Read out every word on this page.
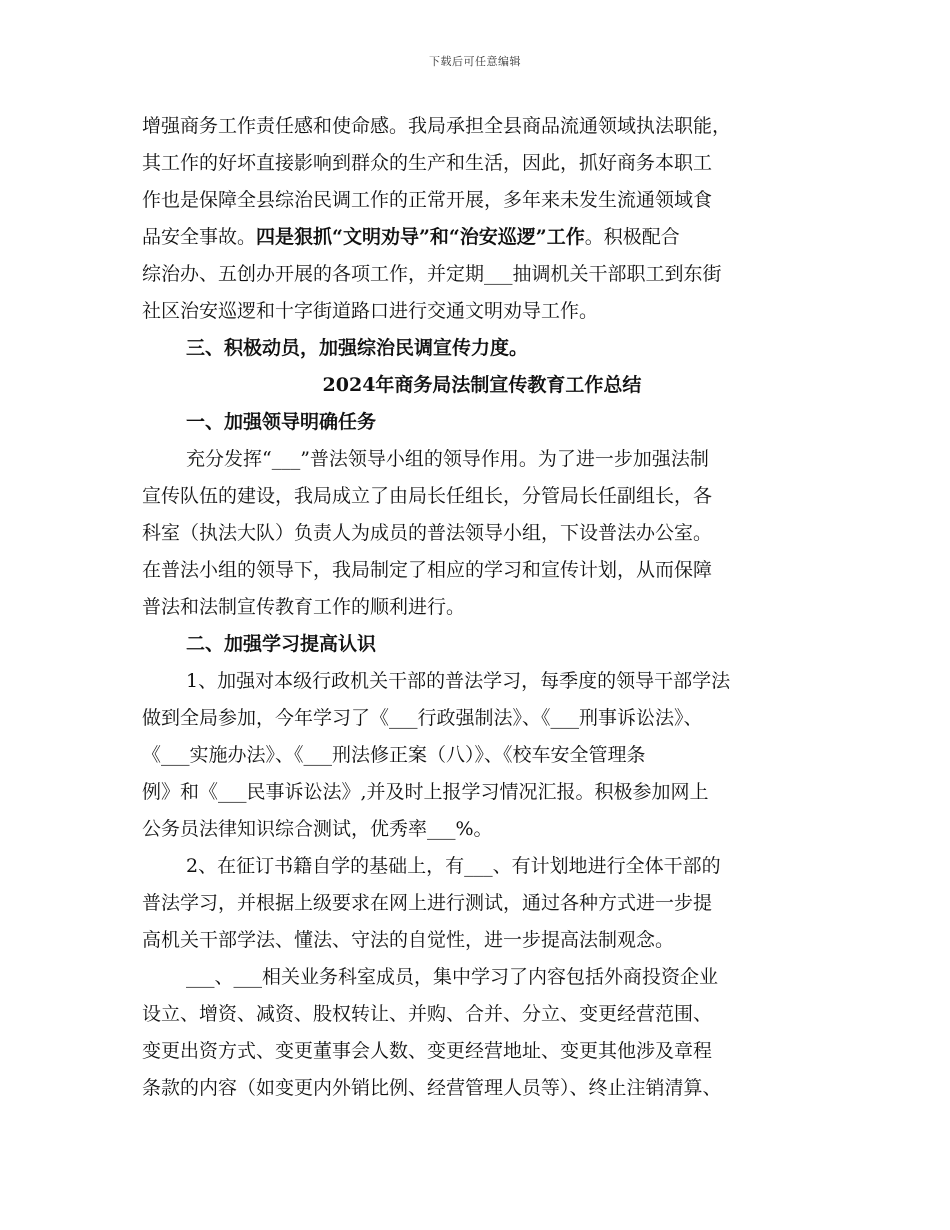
下载后可任意编辑
增强商务工作责任感和使命感。我局承担全县商品流通领域执法职能，
其工作的好坏直接影响到群众的生产和生活，因此，抓好商务本职工
作也是保障全县综治民调工作的正常开展，多年来未发生流通领域食
品安全事故。四是狠抓“文明劝导”和“治安巡逻”工作。积极配合
综治办、五创办开展的各项工作，并定期___抽调机关干部职工到东街
社区治安巡逻和十字街道路口进行交通文明劝导工作。
三、积极动员，加强综治民调宣传力度。
2024年商务局法制宣传教育工作总结
一、加强领导明确任务
充分发挥“___”普法领导小组的领导作用。为了进一步加强法制
宣传队伍的建设，我局成立了由局长任组长，分管局长任副组长，各
科室（执法大队）负责人为成员的普法领导小组，下设普法办公室。
在普法小组的领导下，我局制定了相应的学习和宣传计划，从而保障
普法和法制宣传教育工作的顺利进行。
二、加强学习提高认识
1、加强对本级行政机关干部的普法学习，每季度的领导干部学法
做到全局参加，今年学习了《___行政强制法》、《___刑事诉讼法》、
《___实施办法》、《___刑法修正案（八）》、《校车安全管理条
例》和《___民事诉讼法》,并及时上报学习情况汇报。积极参加网上
公务员法律知识综合测试，优秀率___%。
2、在征订书籍自学的基础上，有___、有计划地进行全体干部的
普法学习，并根据上级要求在网上进行测试，通过各种方式进一步提
高机关干部学法、懂法、守法的自觉性，进一步提高法制观念。
___、___相关业务科室成员，集中学习了内容包括外商投资企业
设立、增资、减资、股权转让、并购、合并、分立、变更经营范围、
变更出资方式、变更董事会人数、变更经营地址、变更其他涉及章程
条款的内容（如变更内外销比例、经营管理人员等）、终止注销清算、
